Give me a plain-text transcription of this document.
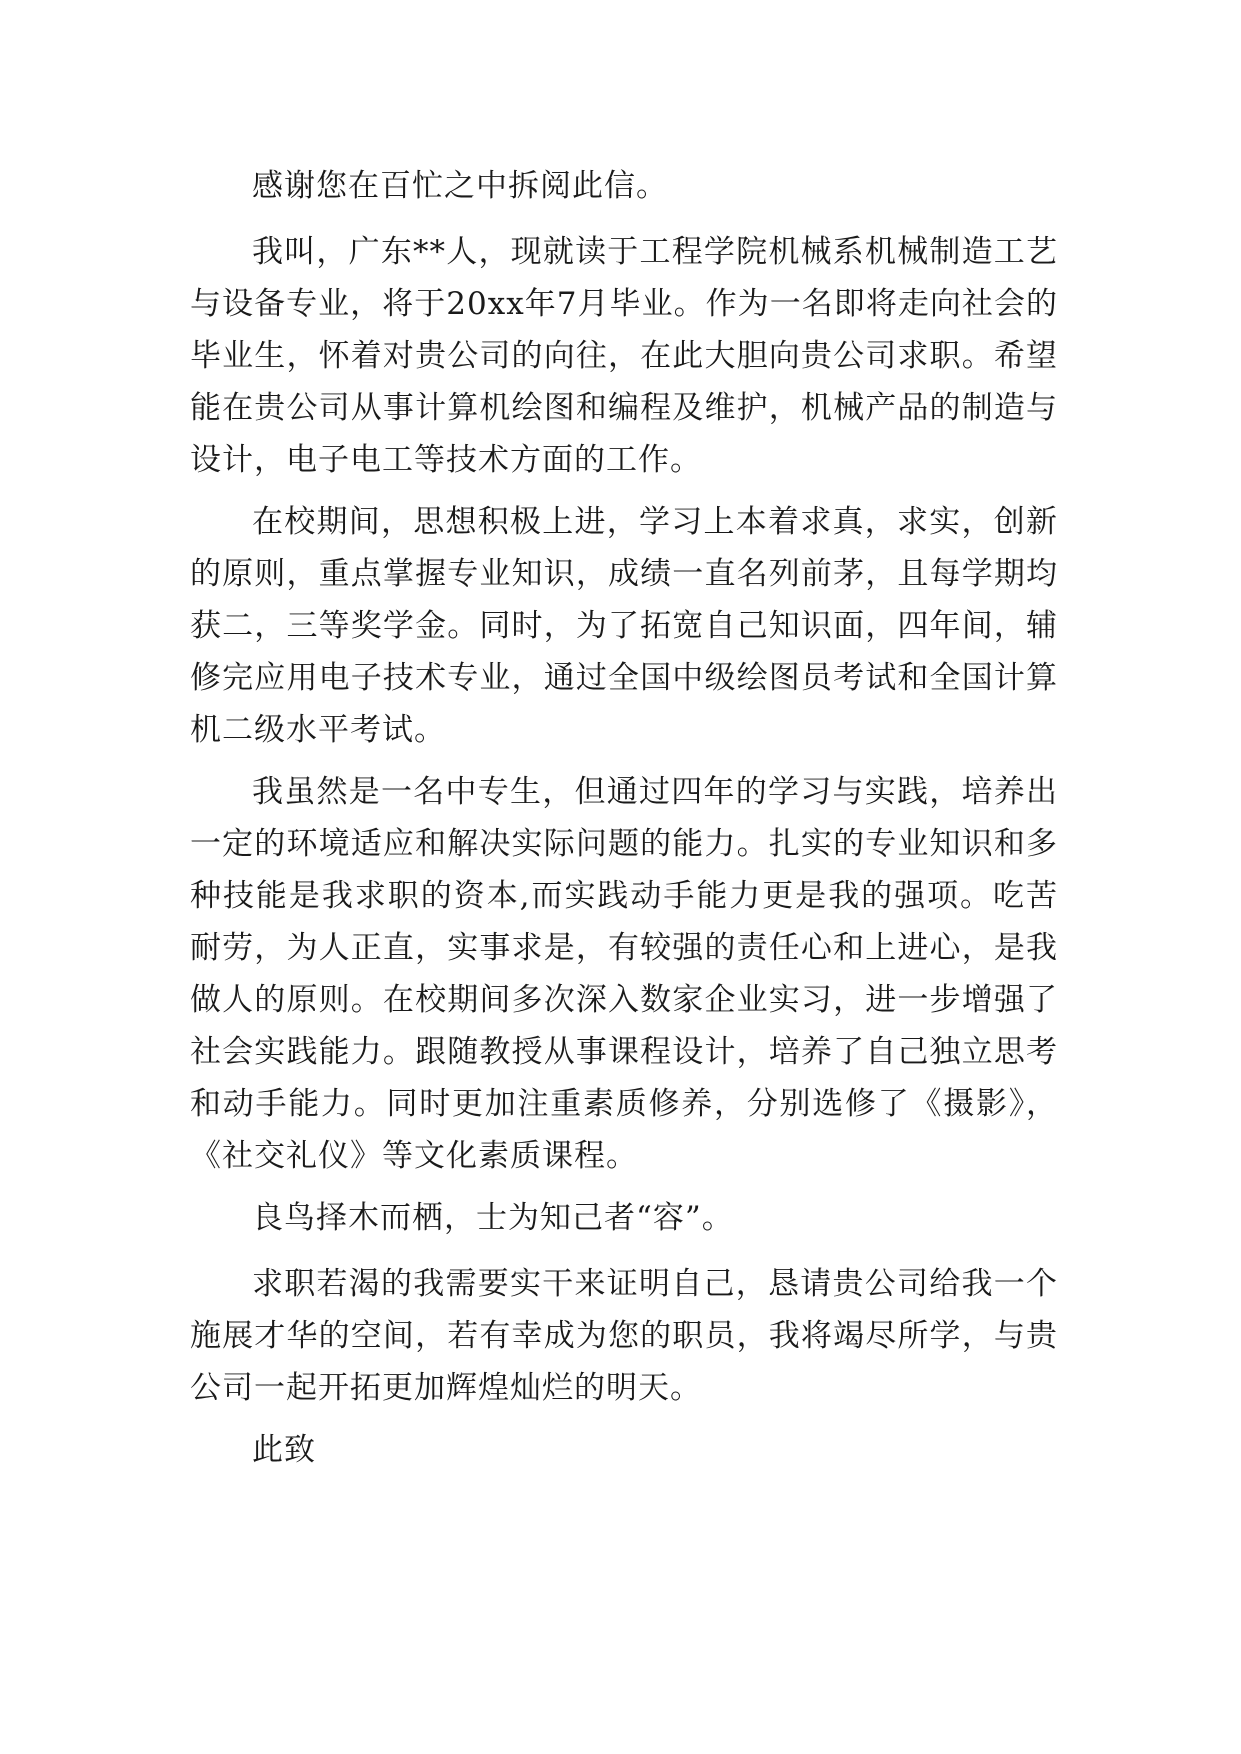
感谢您在百忙之中拆阅此信。

我叫，广东**人，现就读于工程学院机械系机械制造工艺与设备专业，将于20xx年7月毕业。作为一名即将走向社会的毕业生，怀着对贵公司的向往，在此大胆向贵公司求职。希望能在贵公司从事计算机绘图和编程及维护，机械产品的制造与设计，电子电工等技术方面的工作。

在校期间，思想积极上进，学习上本着求真，求实，创新的原则，重点掌握专业知识，成绩一直名列前茅，且每学期均获二，三等奖学金。同时，为了拓宽自己知识面，四年间，辅修完应用电子技术专业，通过全国中级绘图员考试和全国计算机二级水平考试。

我虽然是一名中专生，但通过四年的学习与实践，培养出一定的环境适应和解决实际问题的能力。扎实的专业知识和多种技能是我求职的资本,而实践动手能力更是我的强项。吃苦耐劳，为人正直，实事求是，有较强的责任心和上进心，是我做人的原则。在校期间多次深入数家企业实习，进一步增强了社会实践能力。跟随教授从事课程设计，培养了自己独立思考和动手能力。同时更加注重素质修养，分别选修了《摄影》，《社交礼仪》等文化素质课程。

良鸟择木而栖，士为知己者“容”。

求职若渴的我需要实干来证明自己，恳请贵公司给我一个施展才华的空间，若有幸成为您的职员，我将竭尽所学，与贵公司一起开拓更加辉煌灿烂的明天。

此致
